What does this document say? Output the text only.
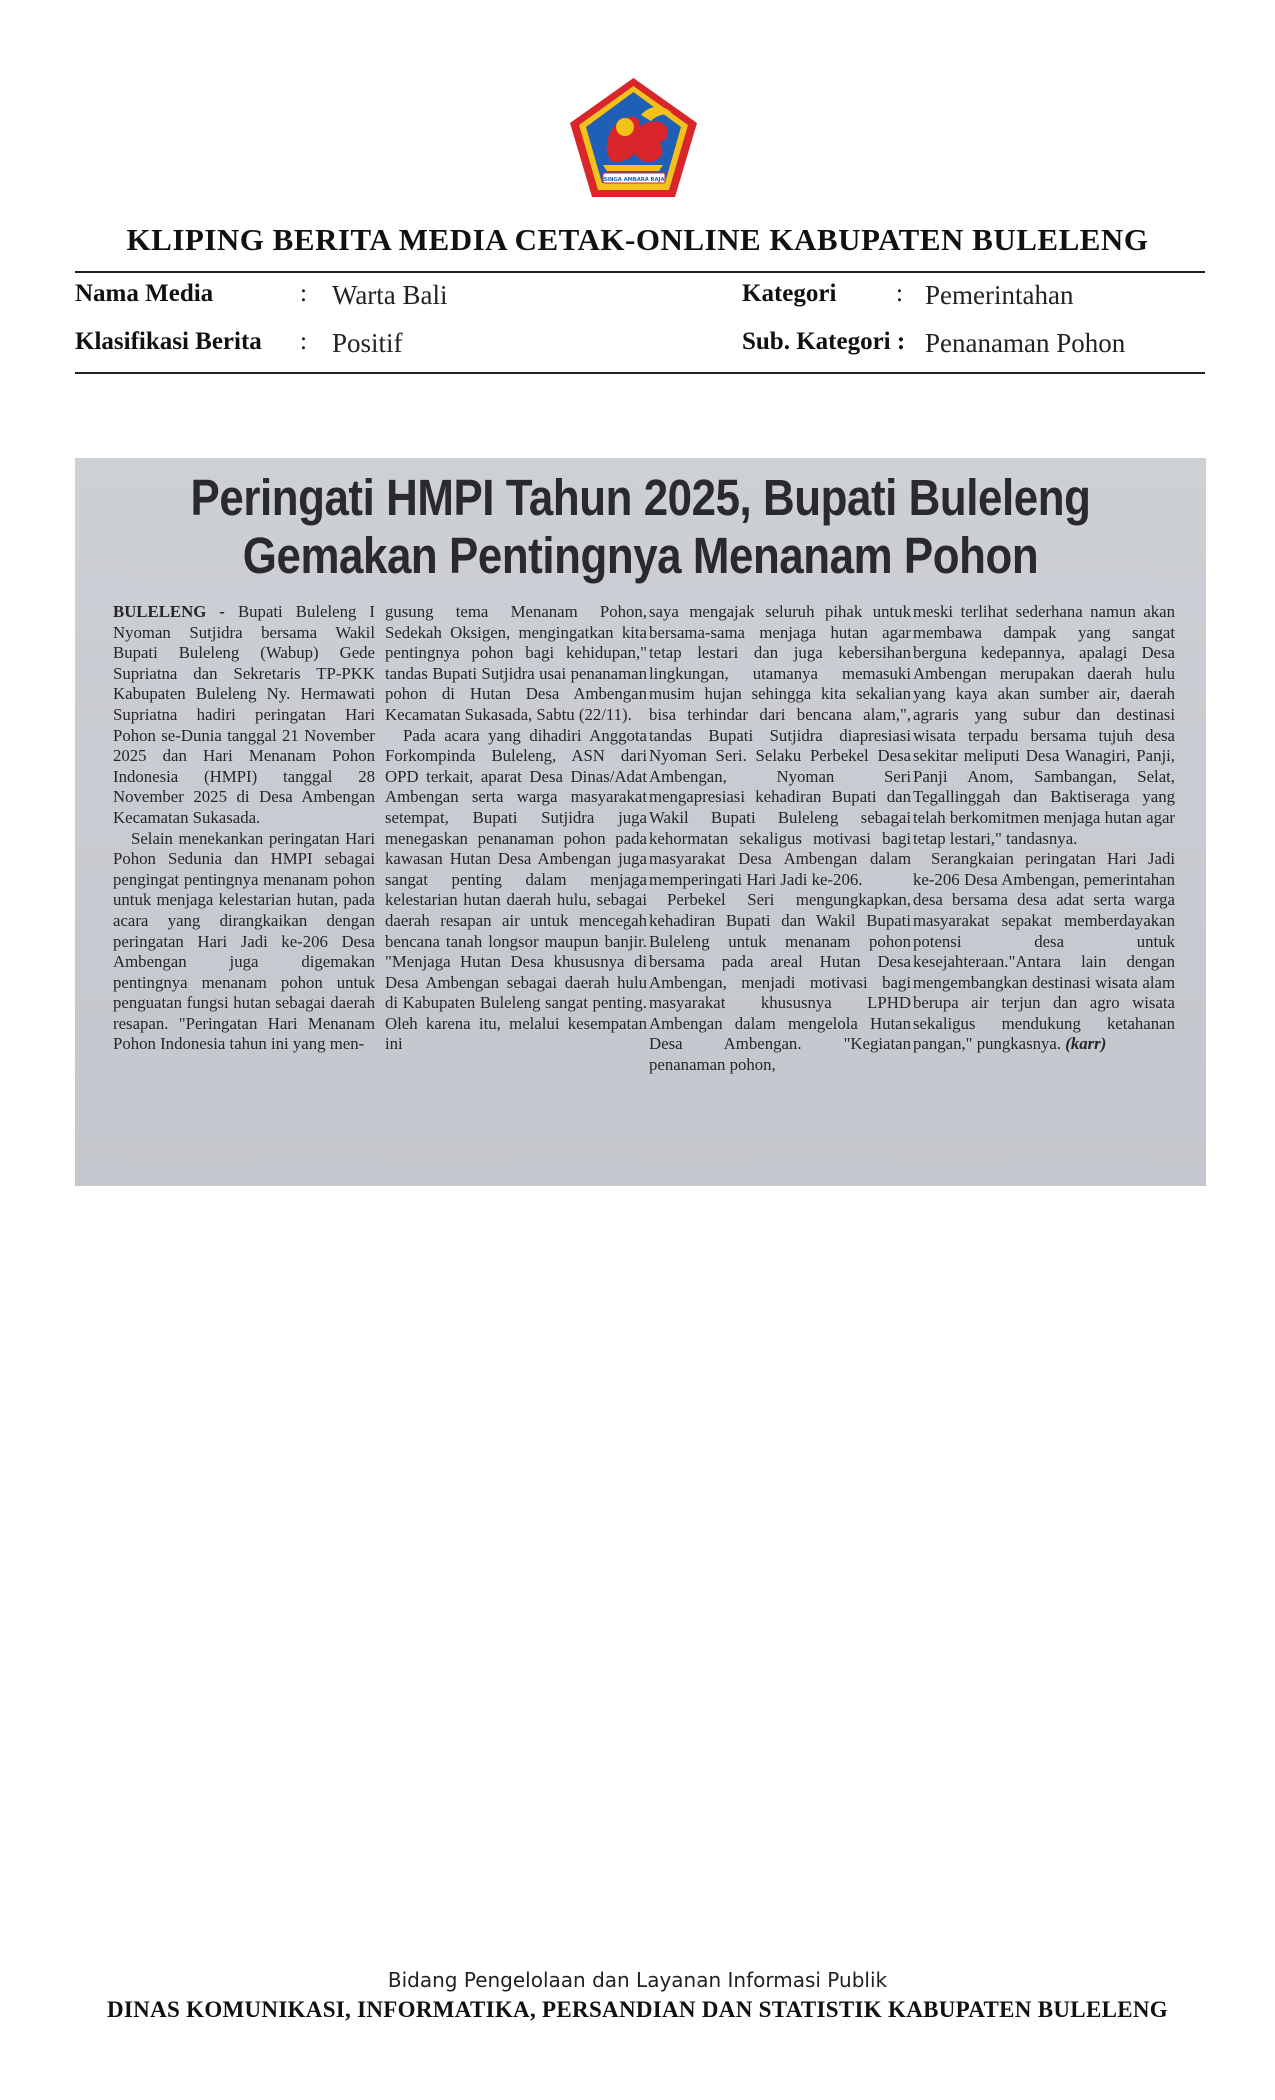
SINGA AMBARA RAJA
KLIPING BERITA MEDIA CETAK-ONLINE KABUPATEN BULELENG
Nama Media	: Warta Bali	Kategori : Pemerintahan
Klasifikasi Berita : Positif	Sub. Kategori : Penanaman Pohon
Peringati HMPI Tahun 2025, Bupati Buleleng
Gemakan Pentingnya Menanam Pohon

BULELENG - Bupati Buleleng I Nyoman Sutjidra bersama Wakil Bupati Buleleng (Wabup) Gede Supriatna dan Sekretaris TP-PKK Kabupaten Buleleng Ny. Hermawati Supriatna hadiri peringatan Hari Pohon se-Dunia tanggal 21 November 2025 dan Hari Menanam Pohon Indonesia (HMPI) tanggal 28 November 2025 di Desa Ambengan Kecamatan Sukasada.

Selain menekankan peringatan Hari Pohon Sedunia dan HMPI sebagai pengingat pentingnya menanam pohon untuk menjaga kelestarian hutan, pada acara yang dirangkaikan dengan peringatan Hari Jadi ke-206 Desa Ambengan juga digemakan pentingnya menanam pohon untuk penguatan fungsi hutan sebagai daerah resapan. "Peringatan Hari Menanam Pohon Indonesia tahun ini yang men-

gusung tema Menanam Pohon, Sedekah Oksigen, mengingatkan kita pentingnya pohon bagi kehidupan," tandas Bupati Sutjidra usai penanaman pohon di Hutan Desa Ambengan Kecamatan Sukasada, Sabtu (22/11).

Pada acara yang dihadiri Anggota Forkompinda Buleleng, ASN dari OPD terkait, aparat Desa Dinas/Adat Ambengan serta warga masyarakat setempat, Bupati Sutjidra juga menegaskan penanaman pohon pada kawasan Hutan Desa Ambengan juga sangat penting dalam menjaga kelestarian hutan daerah hulu, sebagai daerah resapan air untuk mencegah bencana tanah longsor maupun banjir. "Menjaga Hutan Desa khususnya di Desa Ambengan sebagai daerah hulu di Kabupaten Buleleng sangat penting. Oleh karena itu, melalui kesempatan ini

saya mengajak seluruh pihak untuk bersama-sama menjaga hutan agar tetap lestari dan juga kebersihan lingkungan, utamanya memasuki musim hujan sehingga kita sekalian bisa terhindar dari bencana alam,", tandas Bupati Sutjidra diapresiasi Nyoman Seri. Selaku Perbekel Desa Ambengan, Nyoman Seri mengapresiasi kehadiran Bupati dan Wakil Bupati Buleleng sebagai kehormatan sekaligus motivasi bagi masyarakat Desa Ambengan dalam memperingati Hari Jadi ke-206.

Perbekel Seri mengungkapkan, kehadiran Bupati dan Wakil Bupati Buleleng untuk menanam pohon bersama pada areal Hutan Desa Ambengan, menjadi motivasi bagi masyarakat khususnya LPHD Ambengan dalam mengelola Hutan Desa Ambengan. "Kegiatan penanaman pohon,

meski terlihat sederhana namun akan membawa dampak yang sangat berguna kedepannya, apalagi Desa Ambengan merupakan daerah hulu yang kaya akan sumber air, daerah agraris yang subur dan destinasi wisata terpadu bersama tujuh desa sekitar meliputi Desa Wanagiri, Panji, Panji Anom, Sambangan, Selat, Tegallinggah dan Baktiseraga yang telah berkomitmen menjaga hutan agar tetap lestari," tandasnya.

Serangkaian peringatan Hari Jadi ke-206 Desa Ambengan, pemerintahan desa bersama desa adat serta warga masyarakat sepakat memberdayakan potensi desa untuk kesejahteraan."Antara lain dengan mengembangkan destinasi wisata alam berupa air terjun dan agro wisata sekaligus mendukung ketahanan pangan," pungkasnya. (karr)

Bidang Pengelolaan dan Layanan Informasi Publik
DINAS KOMUNIKASI, INFORMATIKA, PERSANDIAN DAN STATISTIK KABUPATEN BULELENG
